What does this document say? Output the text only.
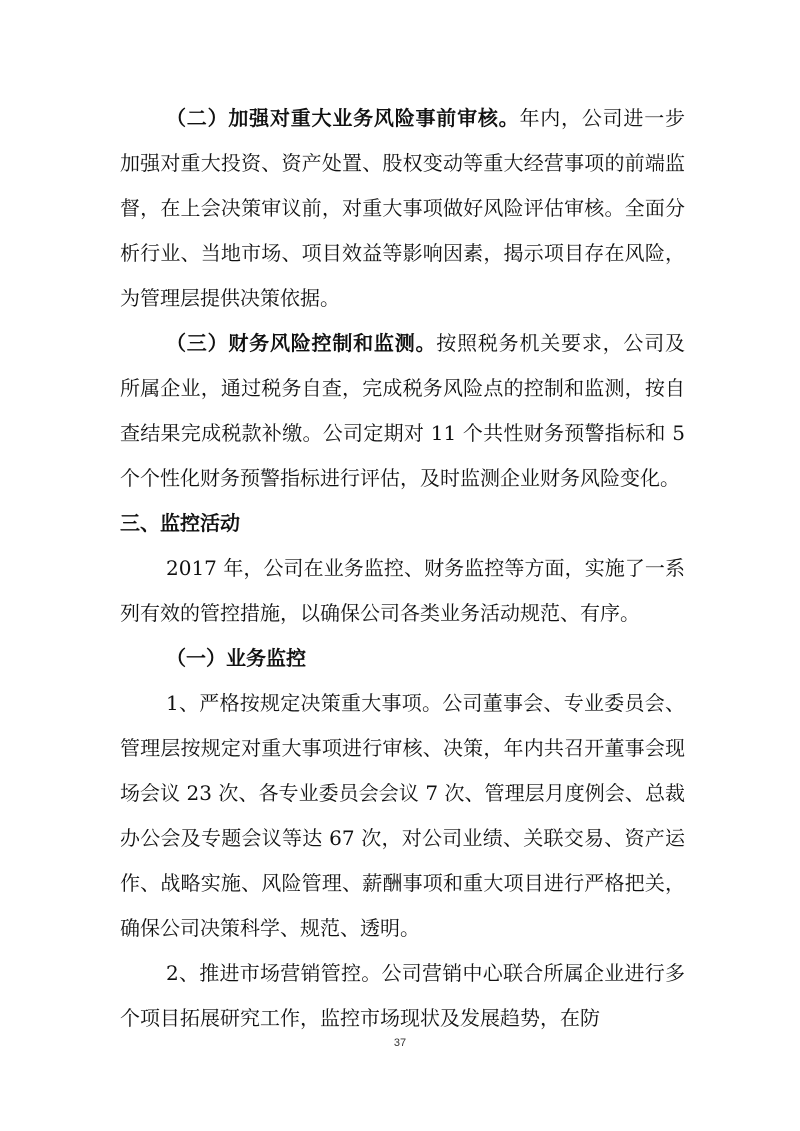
（二）加强对重大业务风险事前审核。年内，公司进一步加强对重大投资、资产处置、股权变动等重大经营事项的前端监督，在上会决策审议前，对重大事项做好风险评估审核。全面分析行业、当地市场、项目效益等影响因素，揭示项目存在风险，为管理层提供决策依据。

（三）财务风险控制和监测。按照税务机关要求，公司及所属企业，通过税务自查，完成税务风险点的控制和监测，按自查结果完成税款补缴。公司定期对 11 个共性财务预警指标和 5 个个性化财务预警指标进行评估，及时监测企业财务风险变化。

三、监控活动

2017 年，公司在业务监控、财务监控等方面，实施了一系列有效的管控措施，以确保公司各类业务活动规范、有序。

（一）业务监控

1、严格按规定决策重大事项。公司董事会、专业委员会、管理层按规定对重大事项进行审核、决策，年内共召开董事会现场会议 23 次、各专业委员会会议 7 次、管理层月度例会、总裁办公会及专题会议等达 67 次，对公司业绩、关联交易、资产运作、战略实施、风险管理、薪酬事项和重大项目进行严格把关，确保公司决策科学、规范、透明。

2、推进市场营销管控。公司营销中心联合所属企业进行多个项目拓展研究工作，监控市场现状及发展趋势，在防

37
